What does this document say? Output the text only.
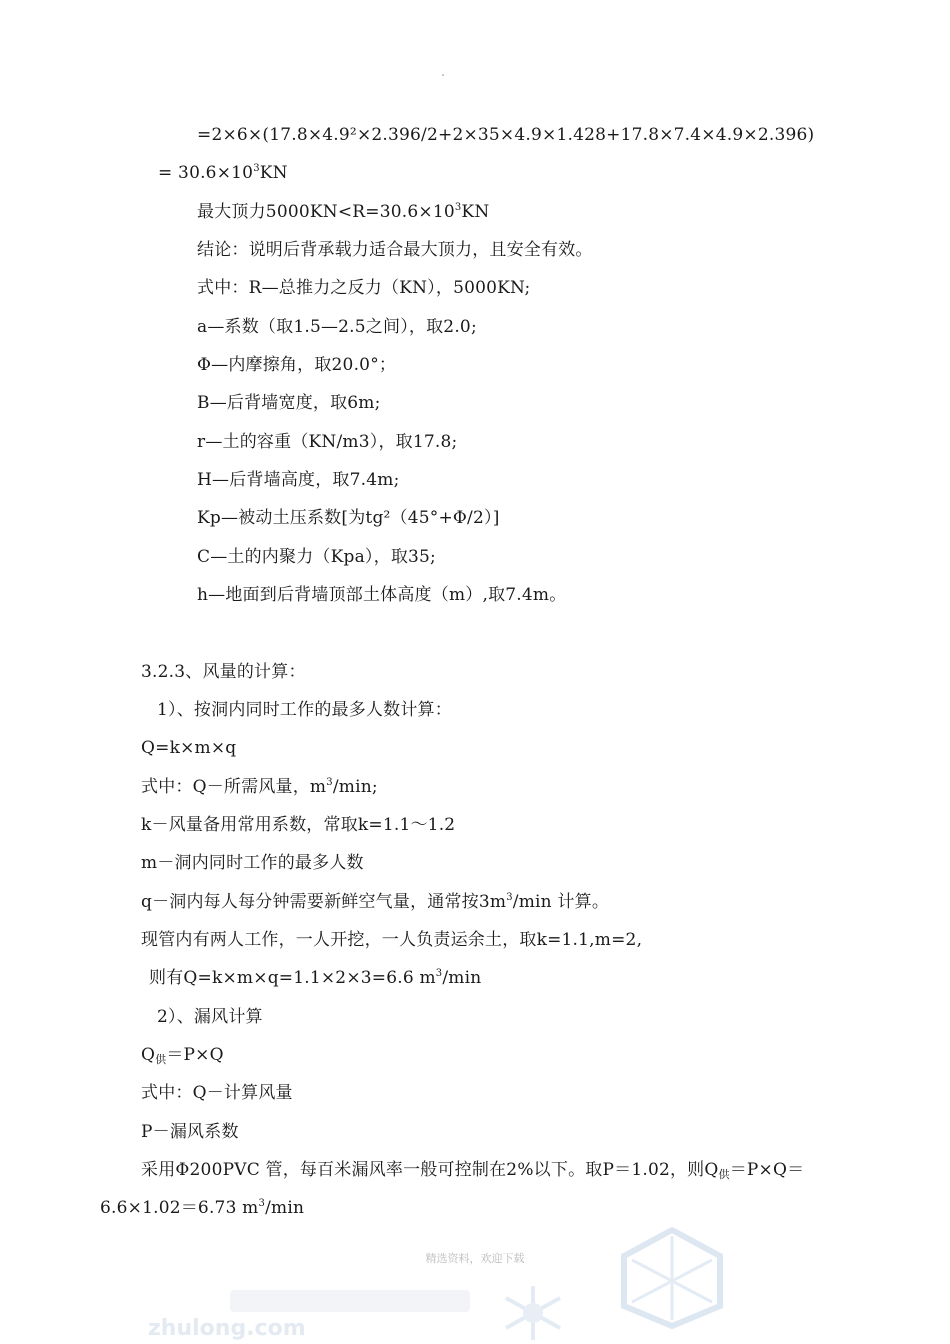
=2×6×(17.8×4.9²×2.396/2+2×35×4.9×1.428+17.8×7.4×4.9×2.396)
= $30.6\times 10^3KN$
最大顶力$5000KN<R=30.6\times 10^3KN$
结论：说明后背承载力适合最大顶力，且安全有效。
式中：R—总推力之反力（KN），5000KN;
a—系数（取1.5—2.5之间），取2.0;
Φ—内摩擦角，取20.0°；
B—后背墙宽度，取6m;
r—土的容重（KN/m3），取17.8;
H—后背墙高度，取7.4m;
Kp—被动土压系数[为tg²（45°+Φ/2）]
C—土的内聚力（Kpa），取35;
h—地面到后背墙顶部土体高度（m）,取7.4m。
3.2.3、风量的计算：
1）、按洞内同时工作的最多人数计算：
Q=k×m×q
式中：Q－所需风量，$m^3/\min$;
k－风量备用常用系数，常取k=1.1～1.2
m－洞内同时工作的最多人数
q－洞内每人每分钟需要新鲜空气量，通常按$3m^3/\min$ 计算。
现管内有两人工作，一人开挖，一人负责运余土，取k=1.1,m=2,
则有Q=k×m×q=1.1×2×3=6.6 $m^3/\min$
2）、漏风计算
$Q_供=P\times Q$
式中：Q－计算风量
P－漏风系数
采用Φ200PVC 管，每百米漏风率一般可控制在2%以下。取P＝1.02，则$Q_供=P\times Q=$
6.6×1.02＝6.73 $m^3/\min$
精选资料，欢迎下载
zhulong.com
